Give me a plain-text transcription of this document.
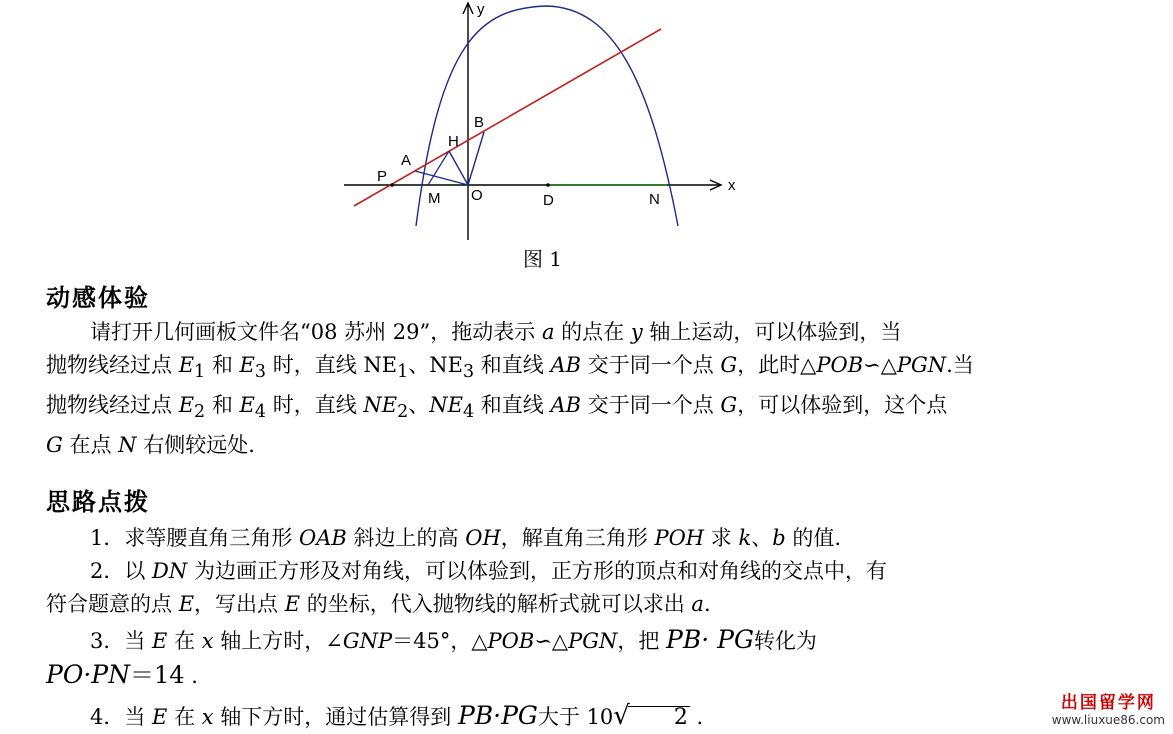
y
x
B
H
A
P
M O	D	N
图 1
动感体验

请打开几何画板文件名“08 苏州 29”，拖动表示 a 的点在 y 轴上运动，可以体验到，当

抛物线经过点 $E_1$ 和 $E_3$ 时，直线 $NE_1$、$NE_3$ 和直线 AB 交于同一个点 G，此时△POB∽△PGN.当

抛物线经过点 $E_2$ 和 $E_4$ 时，直线 $NE_2$、$NE_4$ 和直线 AB 交于同一个点 G，可以体验到，这个点

G 在点 N 右侧较远处.

思路点拨

1．求等腰直角三角形 OAB 斜边上的高 OH，解直角三角形 POH 求 k、b 的值.

2．以 DN 为边画正方形及对角线，可以体验到，正方形的顶点和对角线的交点中，有

符合题意的点 E，写出点 E 的坐标，代入抛物线的解析式就可以求出 a.

3．当 E 在 x 轴上方时，∠GNP＝45°，△POB∽△PGN，把 PB· PG转化为

PO·PN＝14 .

4．当 E 在 x 轴下方时，通过估算得到 PB·PG大于 10√ 2 .

出国留学网
www.liuxue86.com
